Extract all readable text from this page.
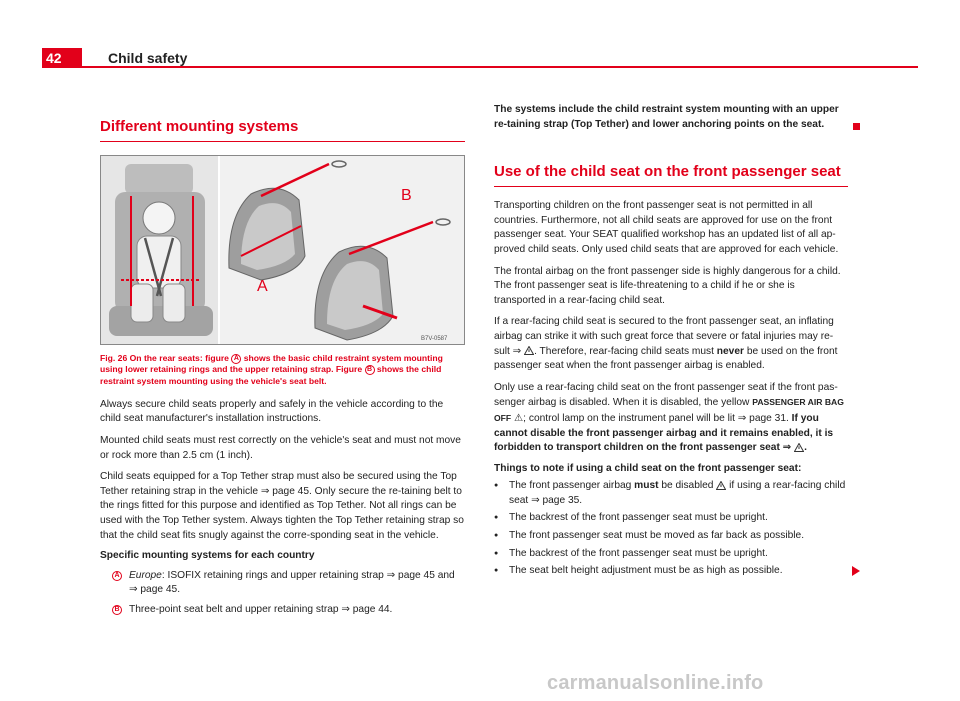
42	Child safety
Different mounting systems
B
A
B7V-0587
Fig. 26 On the rear seats: figure A shows the basic child restraint system mounting using lower retaining rings and the upper retaining strap. Figure B shows the child restraint system mounting using the vehicle's seat belt.

Always secure child seats properly and safely in the vehicle according to the child seat manufacturer's installation instructions.

Mounted child seats must rest correctly on the vehicle's seat and must not move or rock more than 2.5 cm (1 inch).

Child seats equipped for a Top Tether strap must also be secured using the Top Tether retaining strap in the vehicle ⇒ page 45. Only secure the re-taining belt to the rings fitted for this purpose and identified as Top Tether. Not all rings can be used with the Top Tether system. Always tighten the Top Tether retaining strap so that the child seat fits snugly against the corre-sponding seat in the vehicle.

Specific mounting systems for each country

A Europe: ISOFIX retaining rings and upper retaining strap ⇒ page 45 and ⇒ page 45.
B Three-point seat belt and upper retaining strap ⇒ page 44.

The systems include the child restraint system mounting with an upper re-taining strap (Top Tether) and lower anchoring points on the seat.

Use of the child seat on the front passenger seat

Transporting children on the front passenger seat is not permitted in all countries. Furthermore, not all child seats are approved for use on the front passenger seat. Your SEAT qualified workshop has an updated list of all ap-proved child seats. Only used child seats that are approved for each vehicle.

The frontal airbag on the front passenger side is highly dangerous for a child. The front passenger seat is life-threatening to a child if he or she is transported in a rear-facing child seat.

If a rear-facing child seat is secured to the front passenger seat, an inflating airbag can strike it with such great force that severe or fatal injuries may re-sult ⇒ . Therefore, rear-facing child seats must never be used on the front passenger seat when the front passenger airbag is enabled.

Only use a rear-facing child seat on the front passenger seat if the front pas-senger airbag is disabled. When it is disabled, the yellow PASSENGER AIR BAG OFF ⚠; control lamp on the instrument panel will be lit ⇒ page 31. If you cannot disable the front passenger airbag and it remains enabled, it is forbidden to transport children on the front passenger seat ⇒ .

Things to note if using a child seat on the front passenger seat:

● The front passenger airbag must be disabled if using a rear-facing child seat ⇒ page 35.
● The backrest of the front passenger seat must be upright.
● The front passenger seat must be moved as far back as possible.
● The backrest of the front passenger seat must be upright.
● The seat belt height adjustment must be as high as possible.
carmanualsonline.info
